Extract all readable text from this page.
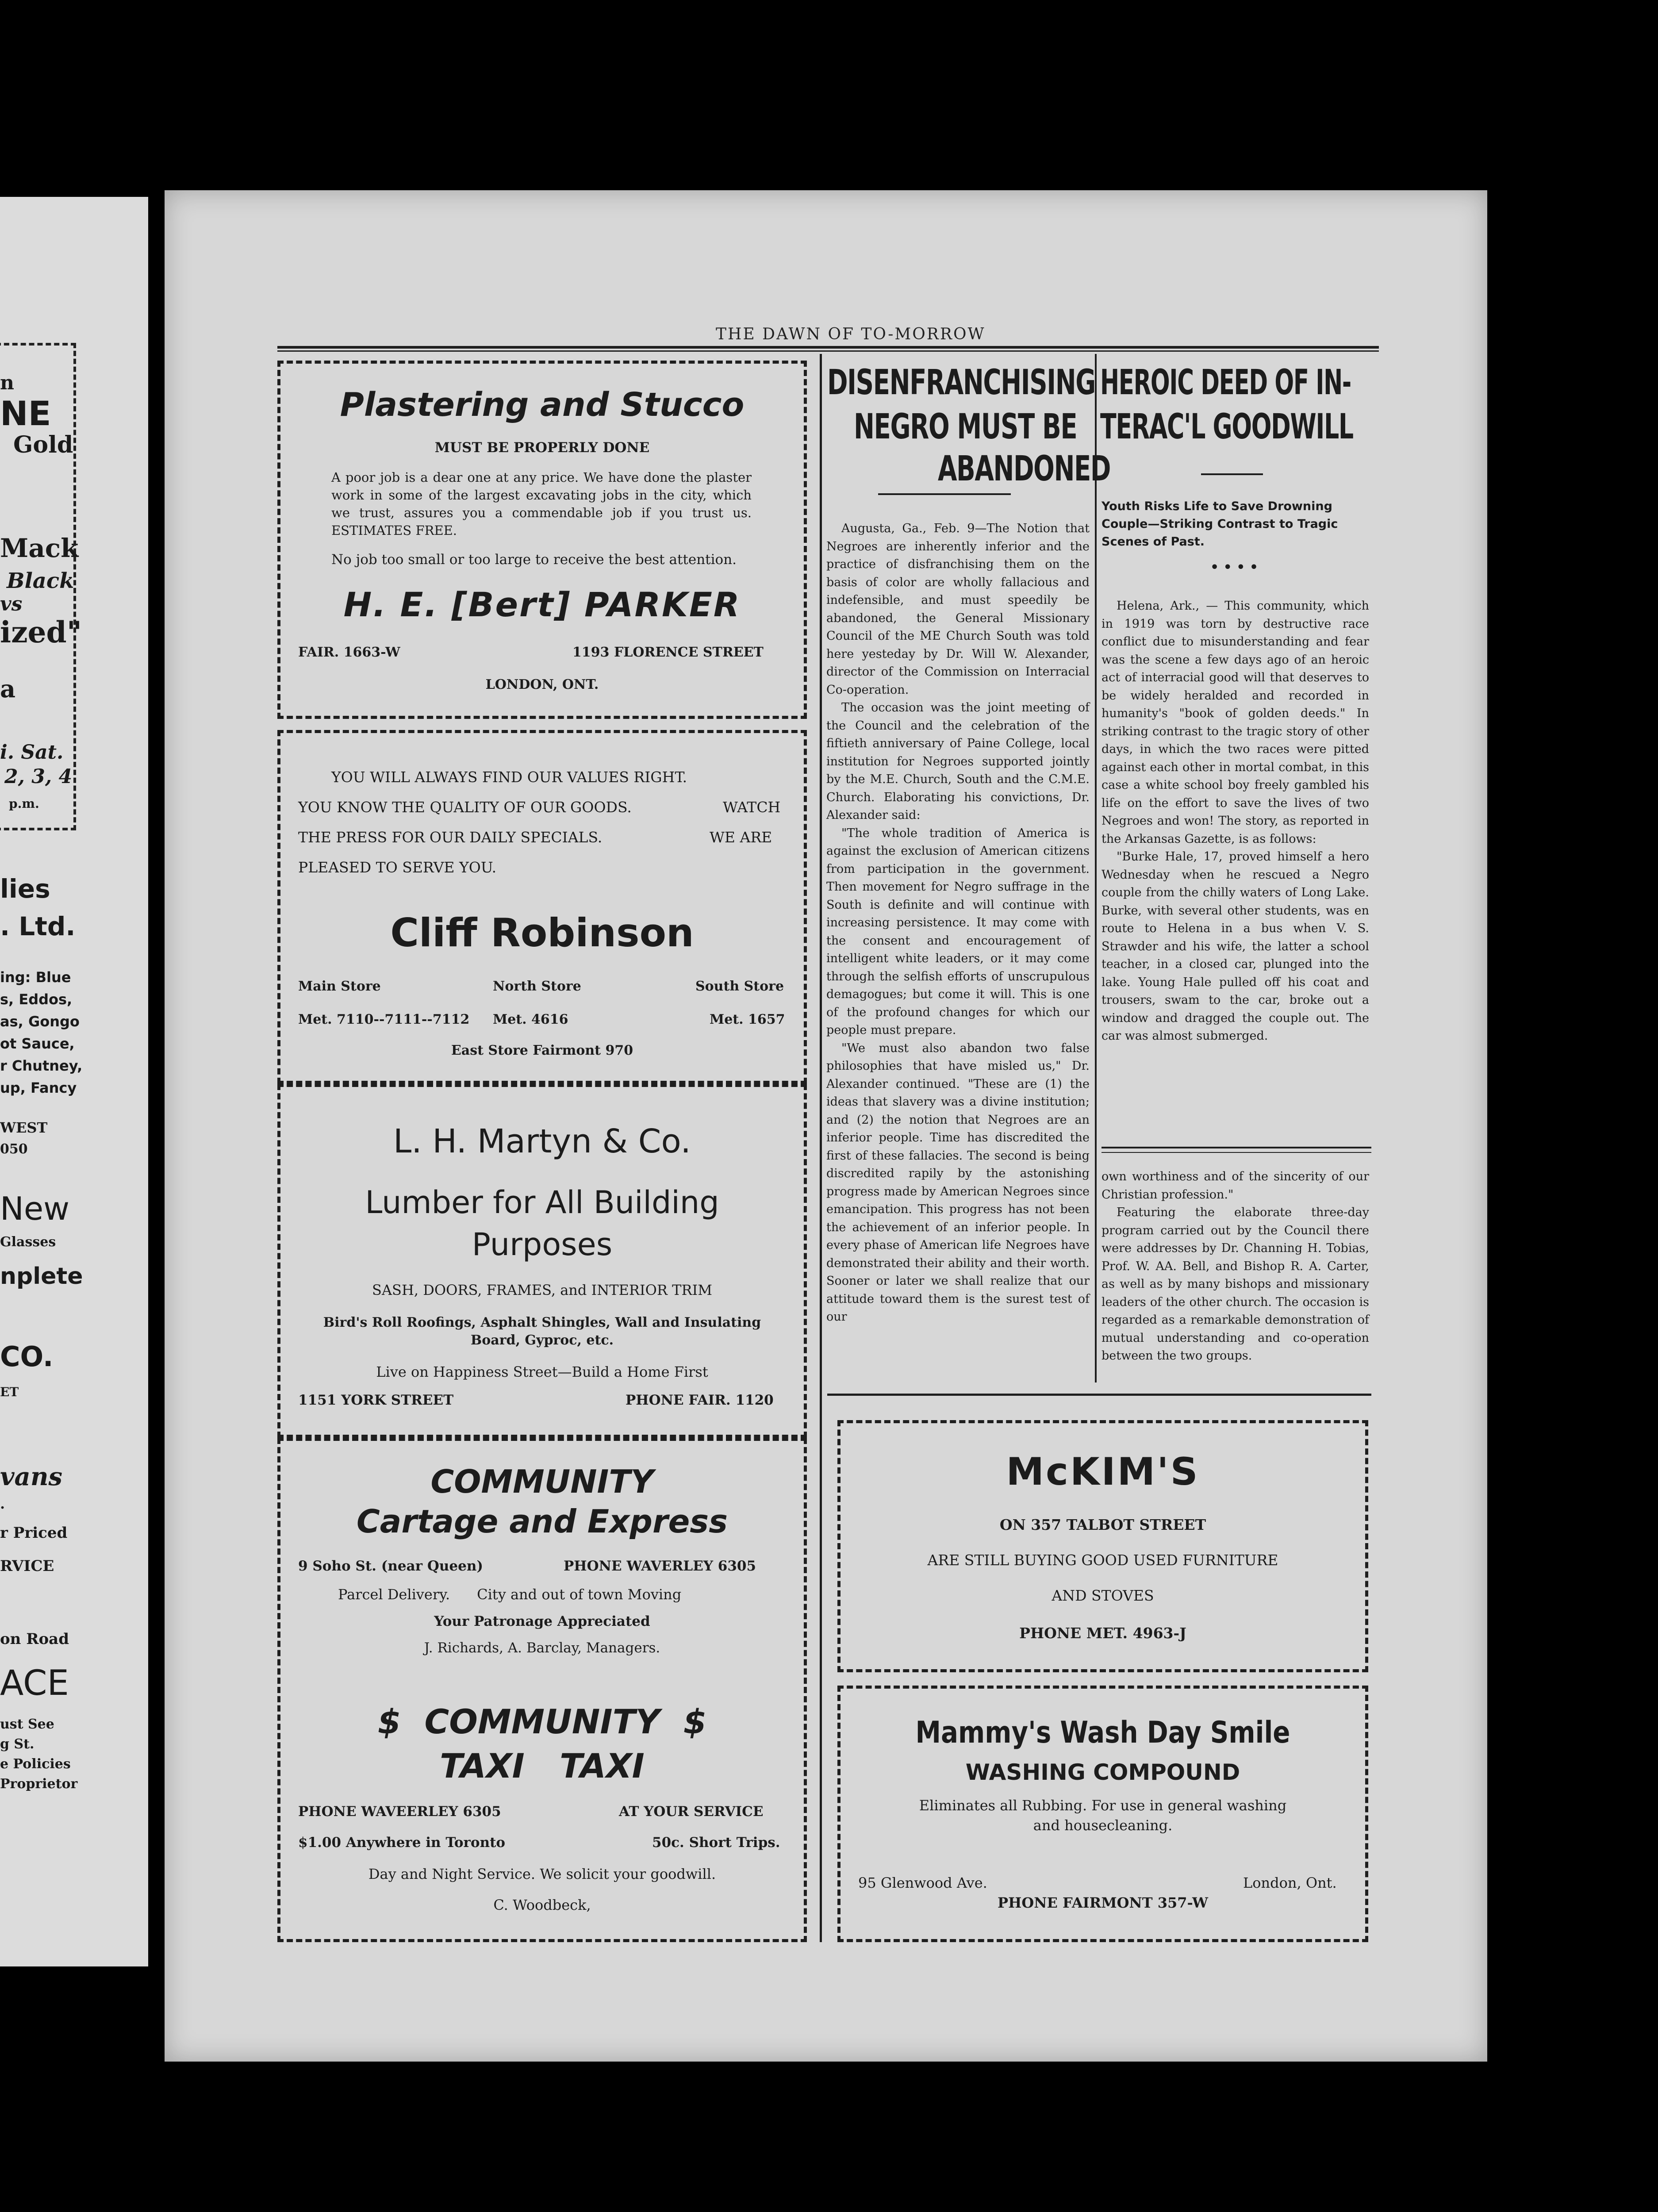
n
NE
Gold
Mack
Black
vs
ized"
a
i. Sat.
2, 3, 4
p.m.
lies
. Ltd.
ing: Blue
s, Eddos,
as, Gongo
ot Sauce,
r Chutney,
up, Fancy
WEST
050
New
Glasses
nplete
CO.
ET
vans
.
r Priced
RVICE
on Road
ACE
ust See
g St.
e Policies
Proprietor
THE DAWN OF TO-MORROW
Plastering and Stucco
MUST BE PROPERLY DONE
A poor job is a dear one at any price. We have done the plaster work in some of the largest excavating jobs in the city, which we trust, assures you a commendable job if you trust us. ESTIMATES FREE.
No job too small or too large to receive the best attention.
H. E. [Bert] PARKER
FAIR. 1663-W	1193 FLORENCE STREET
LONDON, ONT.
YOU WILL ALWAYS FIND OUR VALUES RIGHT.
YOU KNOW THE QUALITY OF OUR GOODS.	WATCH
THE PRESS FOR OUR DAILY SPECIALS.	WE ARE
PLEASED TO SERVE YOU.
Cliff Robinson
Main Store	North Store	South Store
Met. 7110--7111--7112 Met. 4616	Met. 1657
East Store Fairmont 970
L. H. Martyn & Co.
Lumber for All Building
Purposes
SASH, DOORS, FRAMES, and INTERIOR TRIM
Bird's Roll Roofings, Asphalt Shingles, Wall and Insulating
Board, Gyproc, etc.
Live on Happiness Street—Build a Home First
1151 YORK STREET	PHONE FAIR. 1120
COMMUNITY
Cartage and Express
9 Soho St. (near Queen)	PHONE WAVERLEY 6305
Parcel Delivery.      City and out of town Moving
Your Patronage Appreciated
J. Richards, A. Barclay, Managers.
$  COMMUNITY  $
TAXI   TAXI
PHONE WAVEERLEY 6305	AT YOUR SERVICE
$1.00 Anywhere in Toronto	50c. Short Trips.
Day and Night Service. We solicit your goodwill.
C. Woodbeck,
DISENFRANCHISING
NEGRO MUST BE
ABANDONED

Augusta, Ga., Feb. 9—The Notion that Negroes are inherently inferior and the practice of disfranchising them on the basis of color are wholly fallacious and indefensible, and must speedily be abandoned, the General Missionary Council of the ME Church South was told here yesteday by Dr. Will W. Alexander, director of the Commission on Interracial Co-operation.

The occasion was the joint meeting of the Council and the celebration of the fiftieth anniversary of Paine College, local institution for Negroes supported jointly by the M.E. Church, South and the C.M.E. Church. Elaborating his convictions, Dr. Alexander said:

"The whole tradition of America is against the exclusion of American citizens from participation in the government. Then movement for Negro suffrage in the South is definite and will continue with increasing persistence. It may come with the consent and encouragement of intelligent white leaders, or it may come through the selfish efforts of unscrupulous demagogues; but come it will. This is one of the profound changes for which our people must prepare.

"We must also abandon two false philosophies that have misled us," Dr. Alexander continued. "These are (1) the ideas that slavery was a divine institution; and (2) the notion that Negroes are an inferior people. Time has discredited the first of these fallacies. The second is being discredited rapily by the astonishing progress made by American Negroes since emancipation. This progress has not been the achievement of an inferior people. In every phase of American life Negroes have demonstrated their ability and their worth. Sooner or later we shall realize that our attitude toward them is the surest test of our

HEROIC DEED OF IN-
TERAC'L GOODWILL
Youth Risks Life to Save Drowning Couple—Striking Contrast to Tragic Scenes of Past.
• • • •

Helena, Ark., — This community, which in 1919 was torn by destructive race conflict due to misunderstanding and fear was the scene a few days ago of an heroic act of interracial good will that deserves to be widely heralded and recorded in humanity's "book of golden deeds." In striking contrast to the tragic story of other days, in which the two races were pitted against each other in mortal combat, in this case a white school boy freely gambled his life on the effort to save the lives of two Negroes and won! The story, as reported in the Arkansas Gazette, is as follows:

"Burke Hale, 17, proved himself a hero Wednesday when he rescued a Negro couple from the chilly waters of Long Lake. Burke, with several other students, was en route to Helena in a bus when V. S. Strawder and his wife, the latter a school teacher, in a closed car, plunged into the lake. Young Hale pulled off his coat and trousers, swam to the car, broke out a window and dragged the couple out. The car was almost submerged.

own worthiness and of the sincerity of our Christian profession."

Featuring the elaborate three-day program carried out by the Council there were addresses by Dr. Channing H. Tobias, Prof. W. AA. Bell, and Bishop R. A. Carter, as well as by many bishops and missionary leaders of the other church. The occasion is regarded as a remarkable demonstration of mutual understanding and co-operation between the two groups.

McKIM'S
ON 357 TALBOT STREET
ARE STILL BUYING GOOD USED FURNITURE
AND STOVES
PHONE MET. 4963-J
Mammy's Wash Day Smile
WASHING COMPOUND
Eliminates all Rubbing. For use in general washing
and housecleaning.
95 Glenwood Ave.	London, Ont.
PHONE FAIRMONT 357-W
